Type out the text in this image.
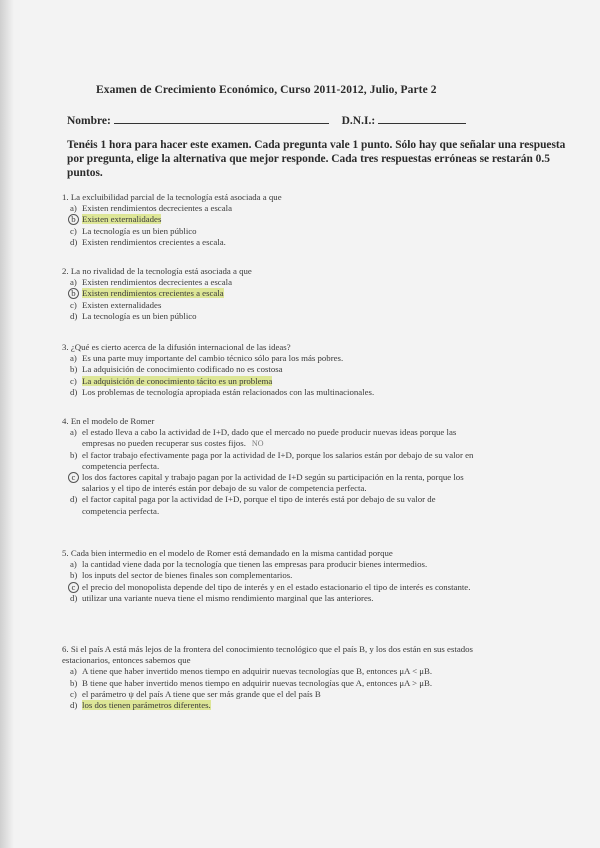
Examen de Crecimiento Económico, Curso 2011-2012, Julio, Parte 2
Nombre:	D.N.I.:
Tenéis 1 hora para hacer este examen. Cada pregunta vale 1 punto. Sólo hay que señalar una respuesta por pregunta, elige la alternativa que mejor responde. Cada tres respuestas erróneas se restarán 0.5 puntos.
1. La excluibilidad parcial de la tecnología está asociada a que
a) Existen rendimientos decrecientes a escala
b Existen externalidades
c) La tecnología es un bien público
d) Existen rendimientos crecientes a escala.
2. La no rivalidad de la tecnología está asociada a que
a) Existen rendimientos decrecientes a escala
b Existen rendimientos crecientes a escala
c) Existen externalidades
d) La tecnología es un bien público
3. ¿Qué es cierto acerca de la difusión internacional de las ideas?
a) Es una parte muy importante del cambio técnico sólo para los más pobres.
b) La adquisición de conocimiento codificado no es costosa
c) La adquisición de conocimiento tácito es un problema
d) Los problemas de tecnología apropiada están relacionados con las multinacionales.
4. En el modelo de Romer
a) el estado lleva a cabo la actividad de I+D, dado que el mercado no puede producir nuevas ideas porque las empresas no pueden recuperar sus costes fijos. NO
b) el factor trabajo efectivamente paga por la actividad de I+D, porque los salarios están por debajo de su valor en competencia perfecta.
c los dos factores capital y trabajo pagan por la actividad de I+D según su participación en la renta, porque los salarios y el tipo de interés están por debajo de su valor de competencia perfecta.
d) el factor capital paga por la actividad de I+D, porque el tipo de interés está por debajo de su valor de competencia perfecta.
5. Cada bien intermedio en el modelo de Romer está demandado en la misma cantidad porque
a) la cantidad viene dada por la tecnología que tienen las empresas para producir bienes intermedios.
b) los inputs del sector de bienes finales son complementarios.
c el precio del monopolista depende del tipo de interés y en el estado estacionario el tipo de interés es constante.
d) utilizar una variante nueva tiene el mismo rendimiento marginal que las anteriores.
6. Si el país A está más lejos de la frontera del conocimiento tecnológico que el país B, y los dos están en sus estados estacionarios, entonces sabemos que
a) A tiene que haber invertido menos tiempo en adquirir nuevas tecnologías que B, entonces μA < μB.
b) B tiene que haber invertido menos tiempo en adquirir nuevas tecnologías que A, entonces μA > μB.
c) el parámetro ψ del país A tiene que ser más grande que el del país B
d) los dos tienen parámetros diferentes.
